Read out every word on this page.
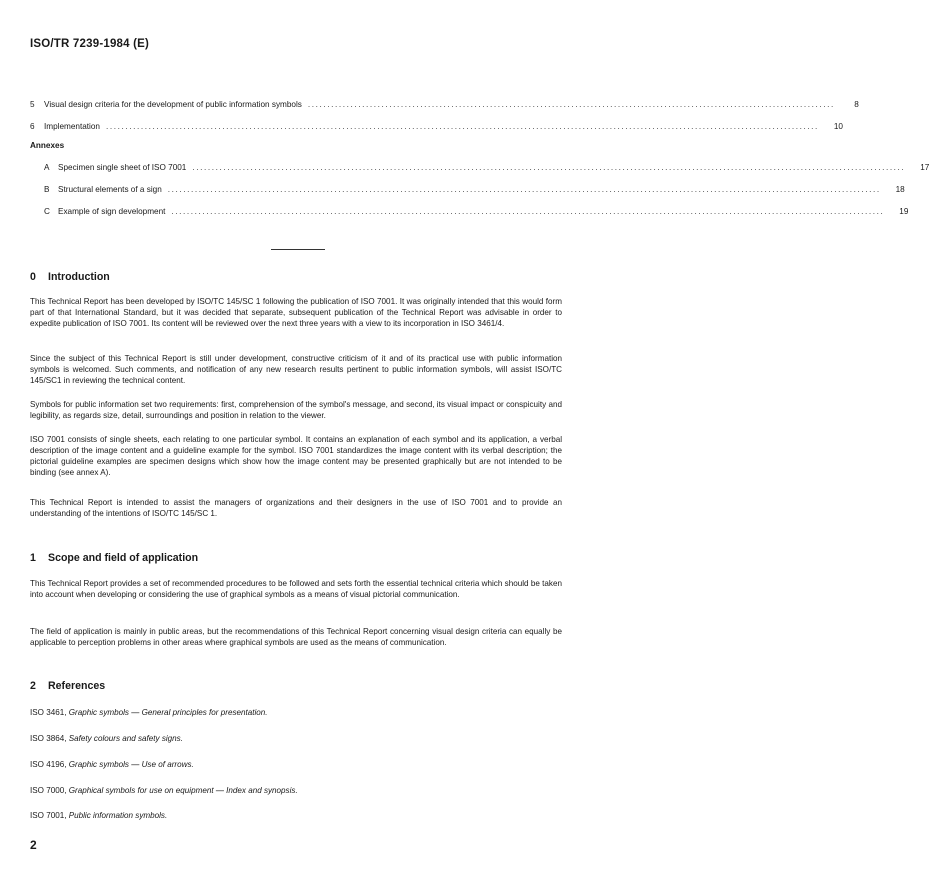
ISO/TR 7239-1984 (E)
5	Visual design criteria for the development of public information symbols ........................................................................................................................................	8
6	Implementation ........................................................................................................................................................................................	10
Annexes
A	Specimen single sheet of ISO 7001 ........................................................................................................................................................................................	17
B	Structural elements of a sign ........................................................................................................................................................................................	18
C Example of sign development ........................................................................................................................................................................................	19
0 Introduction
This Technical Report has been developed by ISO/TC 145/SC 1 following the publication of ISO 7001. It was originally intended that this would form part of that International Standard, but it was decided that separate, subsequent publication of the Technical Report was advisable in order to expedite publication of ISO 7001. Its content will be reviewed over the next three years with a view to its incorporation in ISO 3461/4.
Since the subject of this Technical Report is still under development, constructive criticism of it and of its practical use with public information symbols is welcomed. Such comments, and notification of any new research results pertinent to public information symbols, will assist ISO/TC 145/SC1 in reviewing the technical content.
Symbols for public information set two requirements: first, comprehension of the symbol's message, and second, its visual impact or conspicuity and legibility, as regards size, detail, surroundings and position in relation to the viewer.
ISO 7001 consists of single sheets, each relating to one particular symbol. It contains an explanation of each symbol and its application, a verbal description of the image content and a guideline example for the symbol. ISO 7001 standardizes the image content with its verbal description; the pictorial guideline examples are specimen designs which show how the image content may be presented graphically but are not intended to be binding (see annex A).
This Technical Report is intended to assist the managers of organizations and their designers in the use of ISO 7001 and to provide an understanding of the intentions of ISO/TC 145/SC 1.
1 Scope and field of application
This Technical Report provides a set of recommended procedures to be followed and sets forth the essential technical criteria which should be taken into account when developing or considering the use of graphical symbols as a means of visual pictorial communication.
The field of application is mainly in public areas, but the recommendations of this Technical Report concerning visual design criteria can equally be applicable to perception problems in other areas where graphical symbols are used as the means of communication.
2 References
ISO 3461, Graphic symbols — General principles for presentation.
ISO 3864, Safety colours and safety signs.
ISO 4196, Graphic symbols — Use of arrows.
ISO 7000, Graphical symbols for use on equipment — Index and synopsis.
ISO 7001, Public information symbols.
2
